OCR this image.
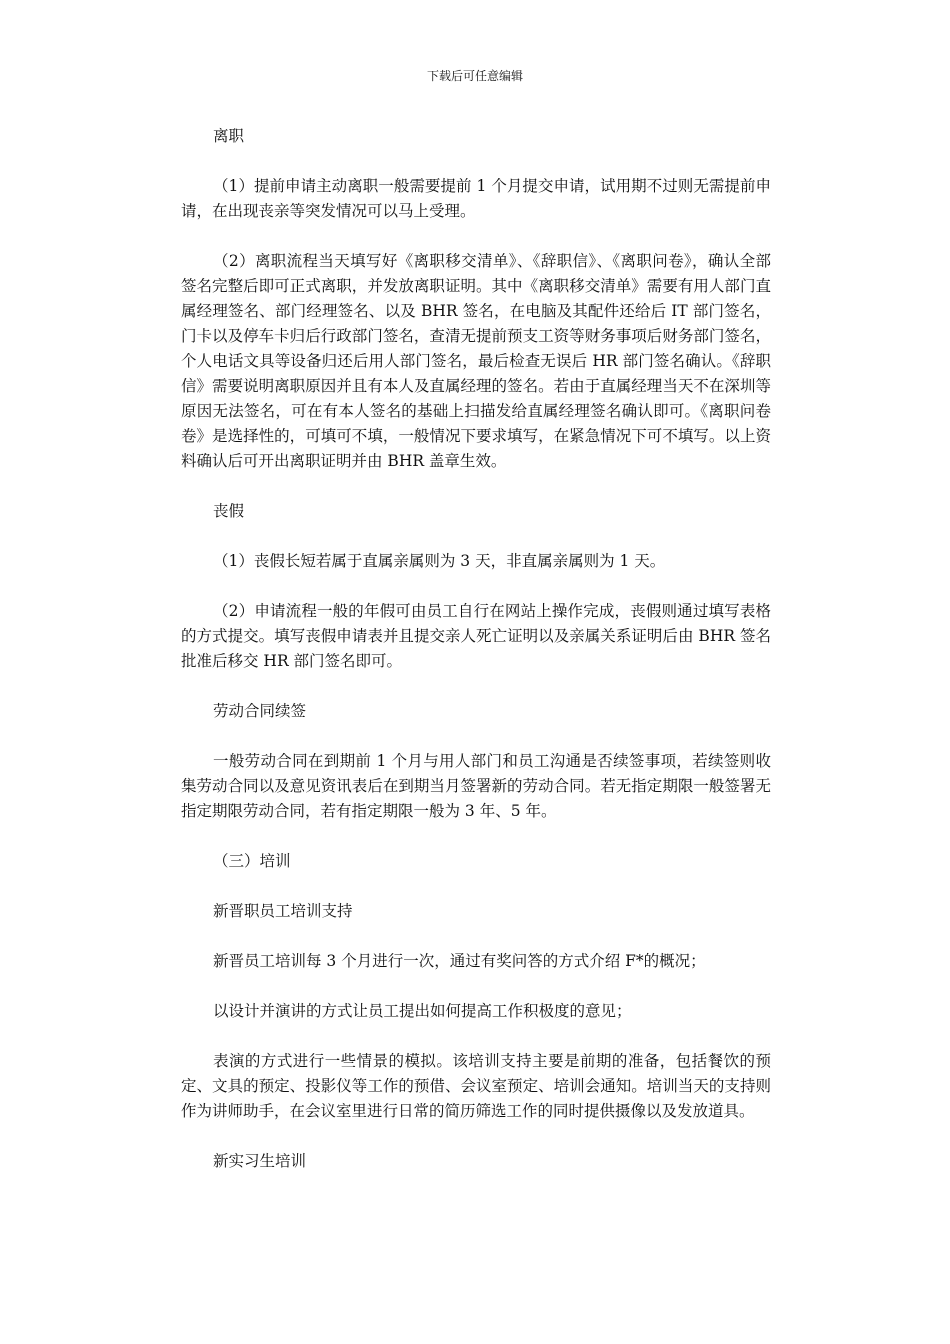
下载后可任意编辑

离职

（1）提前申请主动离职一般需要提前 1 个月提交申请，试用期不过则无需提前申请，在出现丧亲等突发情况可以马上受理。

（2）离职流程当天填写好《离职移交清单》、《辞职信》、《离职问卷》，确认全部签名完整后即可正式离职，并发放离职证明。其中《离职移交清单》需要有用人部门直属经理签名、部门经理签名、以及 BHR 签名，在电脑及其配件还给后 IT 部门签名，门卡以及停车卡归后行政部门签名，查清无提前预支工资等财务事项后财务部门签名，个人电话文具等设备归还后用人部门签名，最后检查无误后 HR 部门签名确认。《辞职信》需要说明离职原因并且有本人及直属经理的签名。若由于直属经理当天不在深圳等原因无法签名，可在有本人签名的基础上扫描发给直属经理签名确认即可。《离职问卷卷》是选择性的，可填可不填，一般情况下要求填写，在紧急情况下可不填写。以上资料确认后可开出离职证明并由 BHR 盖章生效。

丧假

（1）丧假长短若属于直属亲属则为 3 天，非直属亲属则为 1 天。

（2）申请流程一般的年假可由员工自行在网站上操作完成，丧假则通过填写表格的方式提交。填写丧假申请表并且提交亲人死亡证明以及亲属关系证明后由 BHR 签名批准后移交 HR 部门签名即可。

劳动合同续签

一般劳动合同在到期前 1 个月与用人部门和员工沟通是否续签事项，若续签则收集劳动合同以及意见资讯表后在到期当月签署新的劳动合同。若无指定期限一般签署无指定期限劳动合同，若有指定期限一般为 3 年、5 年。

（三）培训

新晋职员工培训支持

新晋员工培训每 3 个月进行一次，通过有奖问答的方式介绍 F*的概况；

以设计并演讲的方式让员工提出如何提高工作积极度的意见；

表演的方式进行一些情景的模拟。该培训支持主要是前期的准备，包括餐饮的预定、文具的预定、投影仪等工作的预借、会议室预定、培训会通知。培训当天的支持则作为讲师助手，在会议室里进行日常的简历筛选工作的同时提供摄像以及发放道具。

新实习生培训
